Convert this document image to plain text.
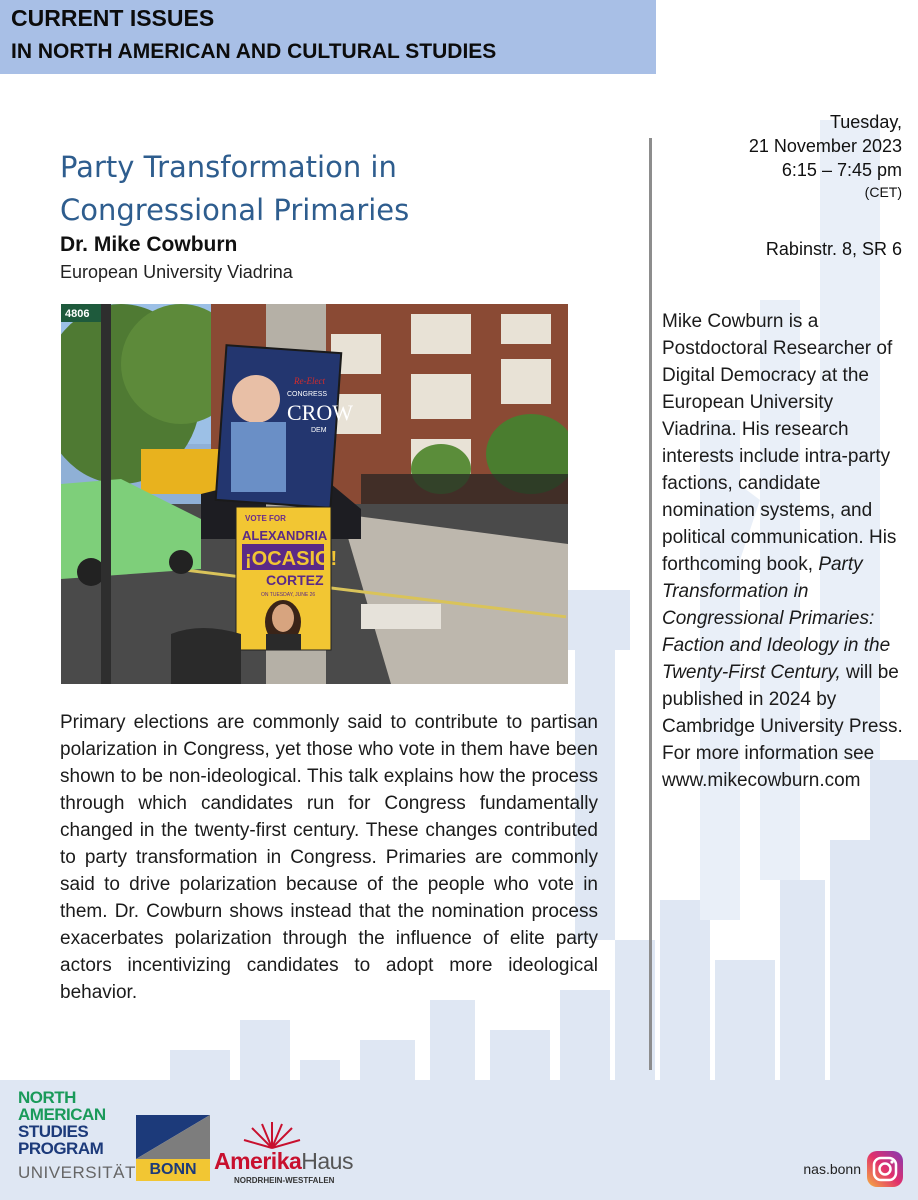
CURRENT ISSUES
IN NORTH AMERICAN AND CULTURAL STUDIES
Party Transformation in
Congressional Primaries
Dr. Mike Cowburn
European University Viadrina
4806
Re-Elect
CONGRESS
CROW
DEM
VOTE FOR
ALEXANDRIA
¡OCASIO!
CORTEZ
ON TUESDAY, JUNE 26
Primary elections are commonly said to contribute to partisan polarization in Congress, yet those who vote in them have been shown to be non-ideological. This talk explains how the process through which candidates run for Congress fundamentally changed in the twenty-first century. These changes contributed to party transformation in Congress. Primaries are commonly said to drive polarization because of the people who vote in them. Dr. Cowburn shows instead that the nomination process exacerbates polarization through the influence of elite party actors incentivizing candidates to adopt more ideological behavior.
Tuesday,
21 November 2023
6:15 – 7:45 pm
(CET)
Rabinstr. 8, SR 6
Mike Cowburn is a Postdoctoral Researcher of Digital Democracy at the European University Viadrina. His research interests include intra-party factions, candidate nomination systems, and political communication. His forthcoming book, Party Transformation in Congressional Primaries: Faction and Ideology in the Twenty-First Century, will be published in 2024 by Cambridge University Press. For more information see www.mikecowburn.com
NORTH
AMERICAN
STUDIES
PROGRAM
UNIVERSITÄT BONN AmerikaHaus
NORDRHEIN-WESTFALEN
nas.bonn
